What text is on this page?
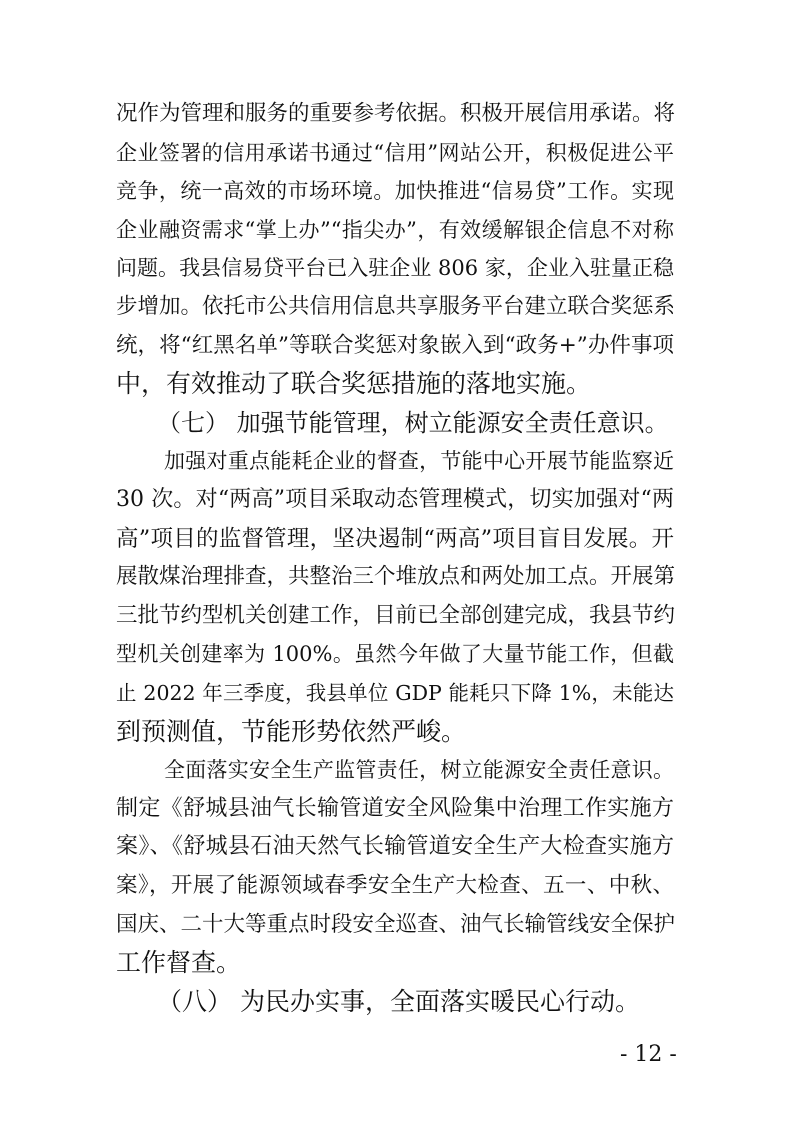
况作为管理和服务的重要参考依据。积极开展信用承诺。将
企业签署的信用承诺书通过“信用”网站公开，积极促进公平
竞争，统一高效的市场环境。加快推进“信易贷”工作。实现
企业融资需求“掌上办”“指尖办”，有效缓解银企信息不对称
问题。我县信易贷平台已入驻企业 806 家，企业入驻量正稳
步增加。依托市公共信用信息共享服务平台建立联合奖惩系
统，将“红黑名单”等联合奖惩对象嵌入到“政务+”办件事项
中，有效推动了联合奖惩措施的落地实施。
（七） 加强节能管理，树立能源安全责任意识。
加强对重点能耗企业的督查，节能中心开展节能监察近
30 次。对“两高”项目采取动态管理模式，切实加强对“两
高”项目的监督管理，坚决遏制“两高”项目盲目发展。开
展散煤治理排查，共整治三个堆放点和两处加工点。开展第
三批节约型机关创建工作，目前已全部创建完成，我县节约
型机关创建率为 100%。虽然今年做了大量节能工作，但截
止 2022 年三季度，我县单位 GDP 能耗只下降 1%，未能达
到预测值，节能形势依然严峻。
全面落实安全生产监管责任，树立能源安全责任意识。
制定《舒城县油气长输管道安全风险集中治理工作实施方
案》、《舒城县石油天然气长输管道安全生产大检查实施方
案》，开展了能源领域春季安全生产大检查、五一、中秋、
国庆、二十大等重点时段安全巡查、油气长输管线安全保护
工作督查。
（八） 为民办实事，全面落实暖民心行动。
- 12 -
